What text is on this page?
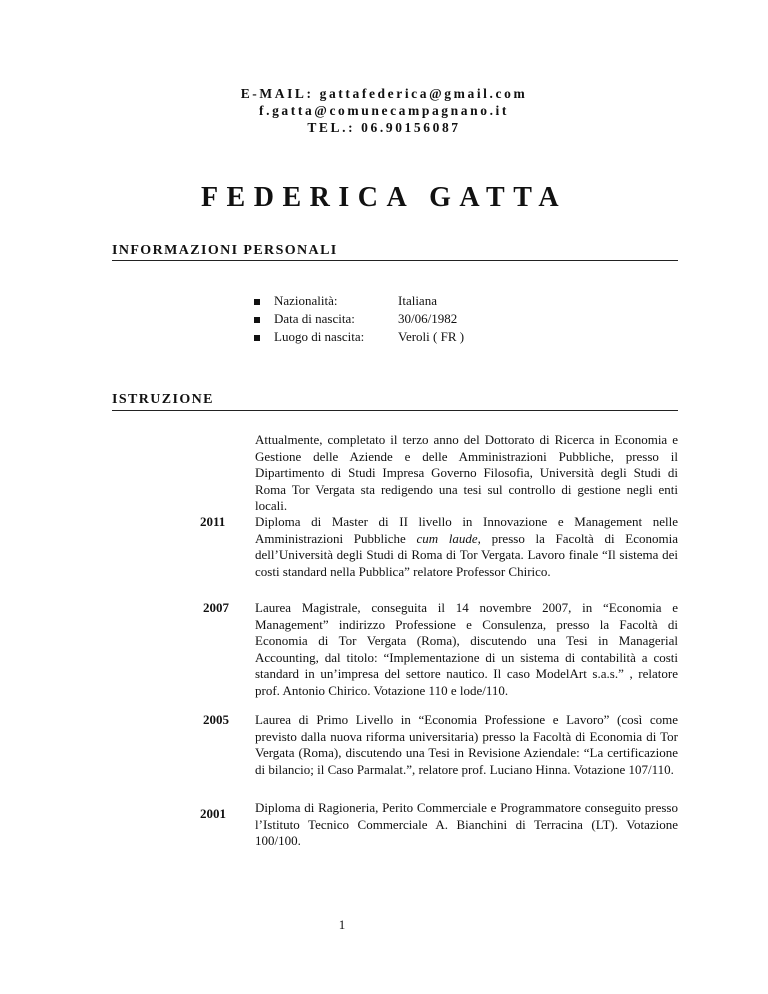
E-MAIL: gattafederica@gmail.com
f.gatta@comunecampagnano.it
TEL.: 06.90156087
FEDERICA GATTA
INFORMAZIONI PERSONALI
Nazionalità:	Italiana
Data di nascita:	30/06/1982
Luogo di nascita:	Veroli ( FR )
ISTRUZIONE
Attualmente, completato il terzo anno del Dottorato di Ricerca in Economia e Gestione delle Aziende e delle Amministrazioni Pubbliche, presso il Dipartimento di Studi Impresa Governo Filosofia, Università degli Studi di Roma Tor Vergata sta redigendo una tesi sul controllo di gestione negli enti locali.
2011	Diploma di Master di II livello in Innovazione e Management nelle Amministrazioni Pubbliche cum laude, presso la Facoltà di Economia dell’Università degli Studi di Roma di Tor Vergata. Lavoro finale “Il sistema dei costi standard nella Pubblica” relatore Professor Chirico.
2007	Laurea Magistrale, conseguita il 14 novembre 2007, in “Economia e Management” indirizzo Professione e Consulenza, presso la Facoltà di Economia di Tor Vergata (Roma), discutendo una Tesi in Managerial Accounting, dal titolo: “Implementazione di un sistema di contabilità a costi standard in un’impresa del settore nautico. Il caso ModelArt s.a.s.” , relatore prof. Antonio Chirico. Votazione 110 e lode/110.
2005	Laurea di Primo Livello in “Economia Professione e Lavoro” (così come previsto dalla nuova riforma universitaria) presso la Facoltà di Economia di Tor Vergata (Roma), discutendo una Tesi in Revisione Aziendale: “La certificazione di bilancio; il Caso Parmalat.”, relatore prof. Luciano Hinna. Votazione 107/110.
2001	Diploma di Ragioneria, Perito Commerciale e Programmatore conseguito presso l’Istituto Tecnico Commerciale A. Bianchini di Terracina (LT). Votazione 100/100.
1
